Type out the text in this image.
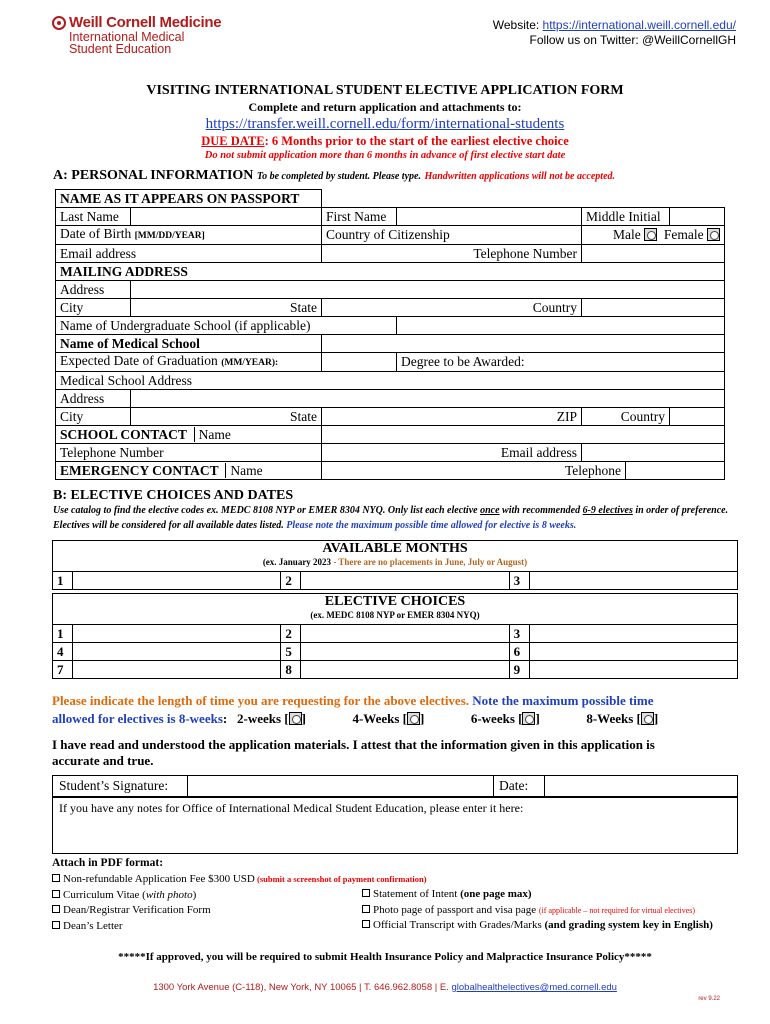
Weill Cornell Medicine
International Medical
Student Education
Website: https://international.weill.cornell.edu/
Follow us on Twitter: @WeillCornellGH
VISITING INTERNATIONAL STUDENT ELECTIVE APPLICATION FORM
Complete and return application and attachments to:
https://transfer.weill.cornell.edu/form/international-students
DUE DATE: 6 Months prior to the start of the earliest elective choice
Do not submit application more than 6 months in advance of first elective start date
A: PERSONAL INFORMATION To be completed by student. Please type. Handwritten applications will not be accepted.
NAME AS IT APPEARS ON PASSPORT						
Last Name		First Name		Middle Initial		
Date of Birth [MM/DD/YEAR]		Country of Citizenship		Male Female		
Email address		Telephone Number				
MAILING ADDRESS						
Address						
City	State	Country				
Name of Undergraduate School (if applicable)						
Name of Medical School						
Expected Date of Graduation (MM/YEAR):			Degree to be Awarded:			
Medical School Address						
Address						
City	State	ZIP		Country		
SCHOOL CONTACT Name						
Telephone Number		Email address				
EMERGENCY CONTACT Name		Telephone				
B: ELECTIVE CHOICES AND DATES
Use catalog to find the elective codes ex. MEDC 8108 NYP or EMER 8304 NYQ. Only list each elective once with recommended 6-9 electives in order of preference. Electives will be considered for all available dates listed. Please note the maximum possible time allowed for elective is 8 weeks.
AVAILABLE MONTHS
(ex. January 2023 - There are no placements in June, July or August)
1		2		3	
ELECTIVE CHOICES
(ex. MEDC 8108 NYP or EMER 8304 NYQ)
1		2		3	
4		5		6	
7		8		9	
Please indicate the length of time you are requesting for the above electives. Note the maximum possible time
allowed for electives is 8-weeks:   2-weeks [ ]	4-Weeks [ ]	6-weeks [ ]	8-Weeks [ ]
I have read and understood the application materials. I attest that the information given in this application is
accurate and true.
Student’s Signature:	Date:
If you have any notes for Office of International Medical Student Education, please enter it here:
Attach in PDF format:
Non-refundable Application Fee $300 USD (submit a screenshot of payment confirmation)
Curriculum Vitae (with photo)
Dean/Registrar Verification Form
Dean’s Letter
Statement of Intent (one page max)
Photo page of passport and visa page (if applicable – not required for virtual electives)
Official Transcript with Grades/Marks (and grading system key in English)
*****If approved, you will be required to submit Health Insurance Policy and Malpractice Insurance Policy*****
1300 York Avenue (C-118), New York, NY 10065 | T. 646.962.8058 | E. globalhealthelectives@med.cornell.edu
rev 9.22
